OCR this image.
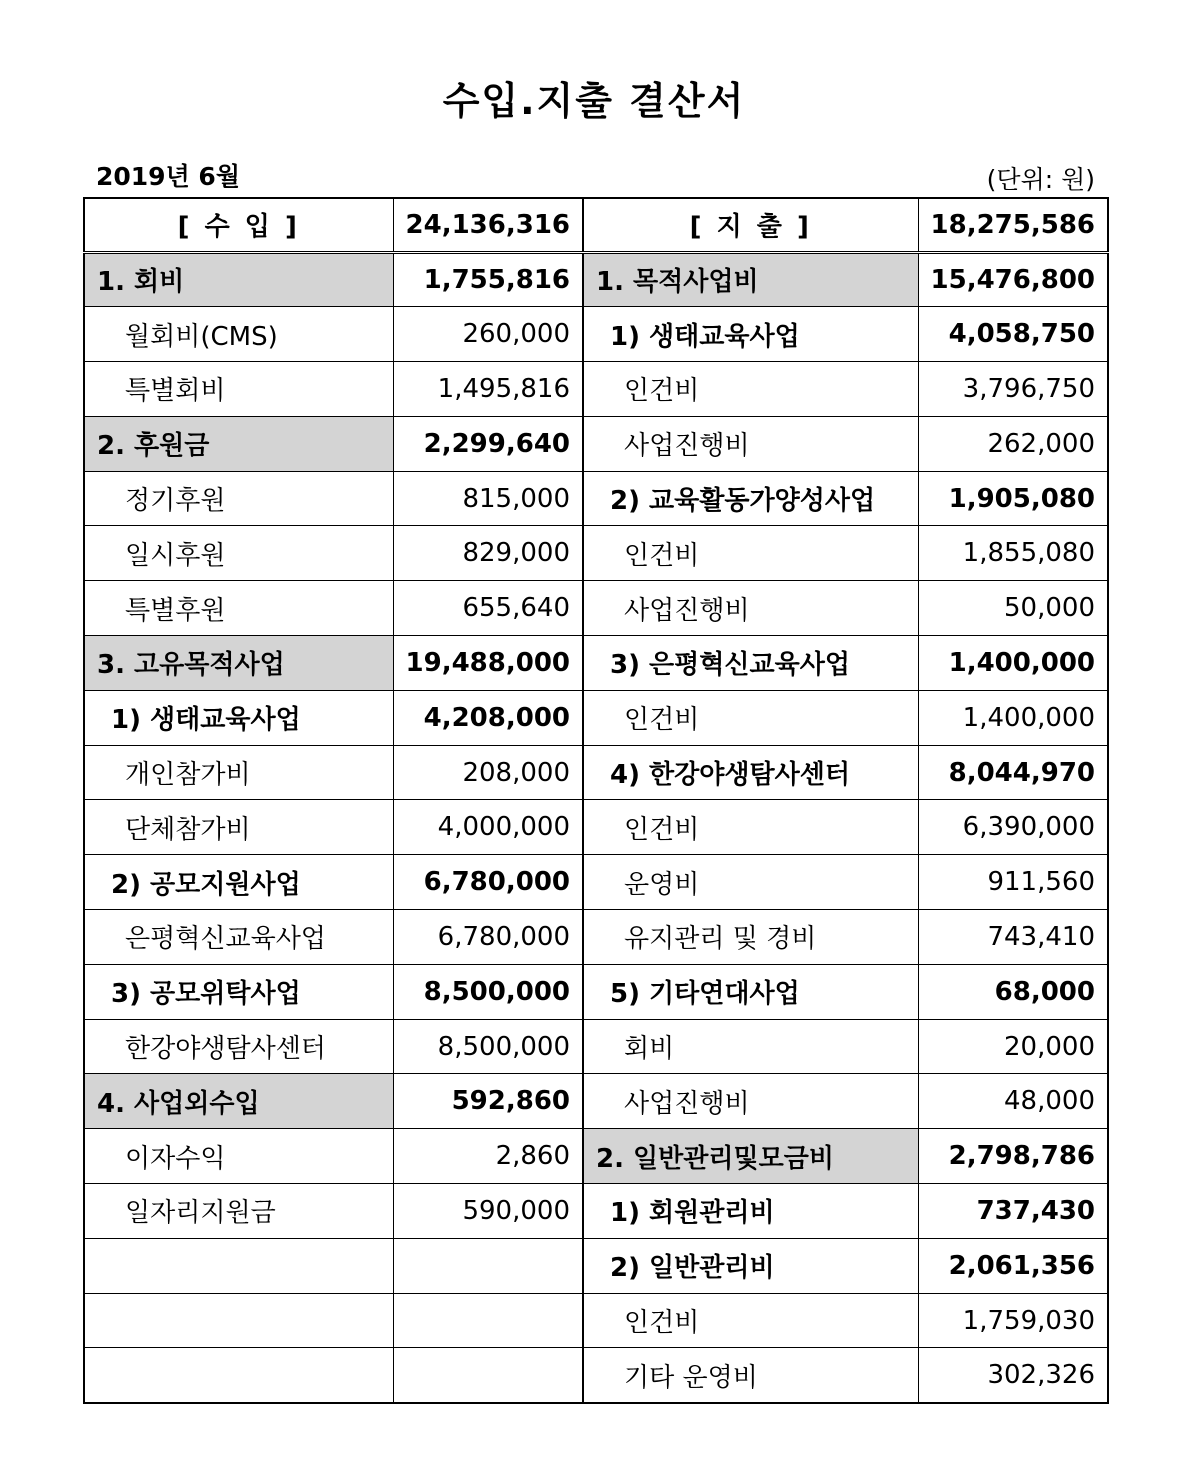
수입.지출 결산서
2019년 6월	(단위: 원)
[ 수 입 ]	24,136,316	[ 지 출 ]	18,275,586
1. 회비	1,755,816	1. 목적사업비	15,476,800
월회비(CMS)	260,000	1) 생태교육사업	4,058,750
특별회비	1,495,816	인건비	3,796,750
2. 후원금	2,299,640	사업진행비	262,000
정기후원	815,000	2) 교육활동가양성사업	1,905,080
일시후원	829,000	인건비	1,855,080
특별후원	655,640	사업진행비	50,000
3. 고유목적사업	19,488,000	3) 은평혁신교육사업	1,400,000
1) 생태교육사업	4,208,000	인건비	1,400,000
개인참가비	208,000	4) 한강야생탐사센터	8,044,970
단체참가비	4,000,000	인건비	6,390,000
2) 공모지원사업	6,780,000	운영비	911,560
은평혁신교육사업	6,780,000	유지관리 및 경비	743,410
3) 공모위탁사업	8,500,000	5) 기타연대사업	68,000
한강야생탐사센터	8,500,000	회비	20,000
4. 사업외수입	592,860	사업진행비	48,000
이자수익	2,860	2. 일반관리및모금비	2,798,786
일자리지원금	590,000	1) 회원관리비	737,430
		2) 일반관리비	2,061,356
		인건비	1,759,030
		기타 운영비	302,326
